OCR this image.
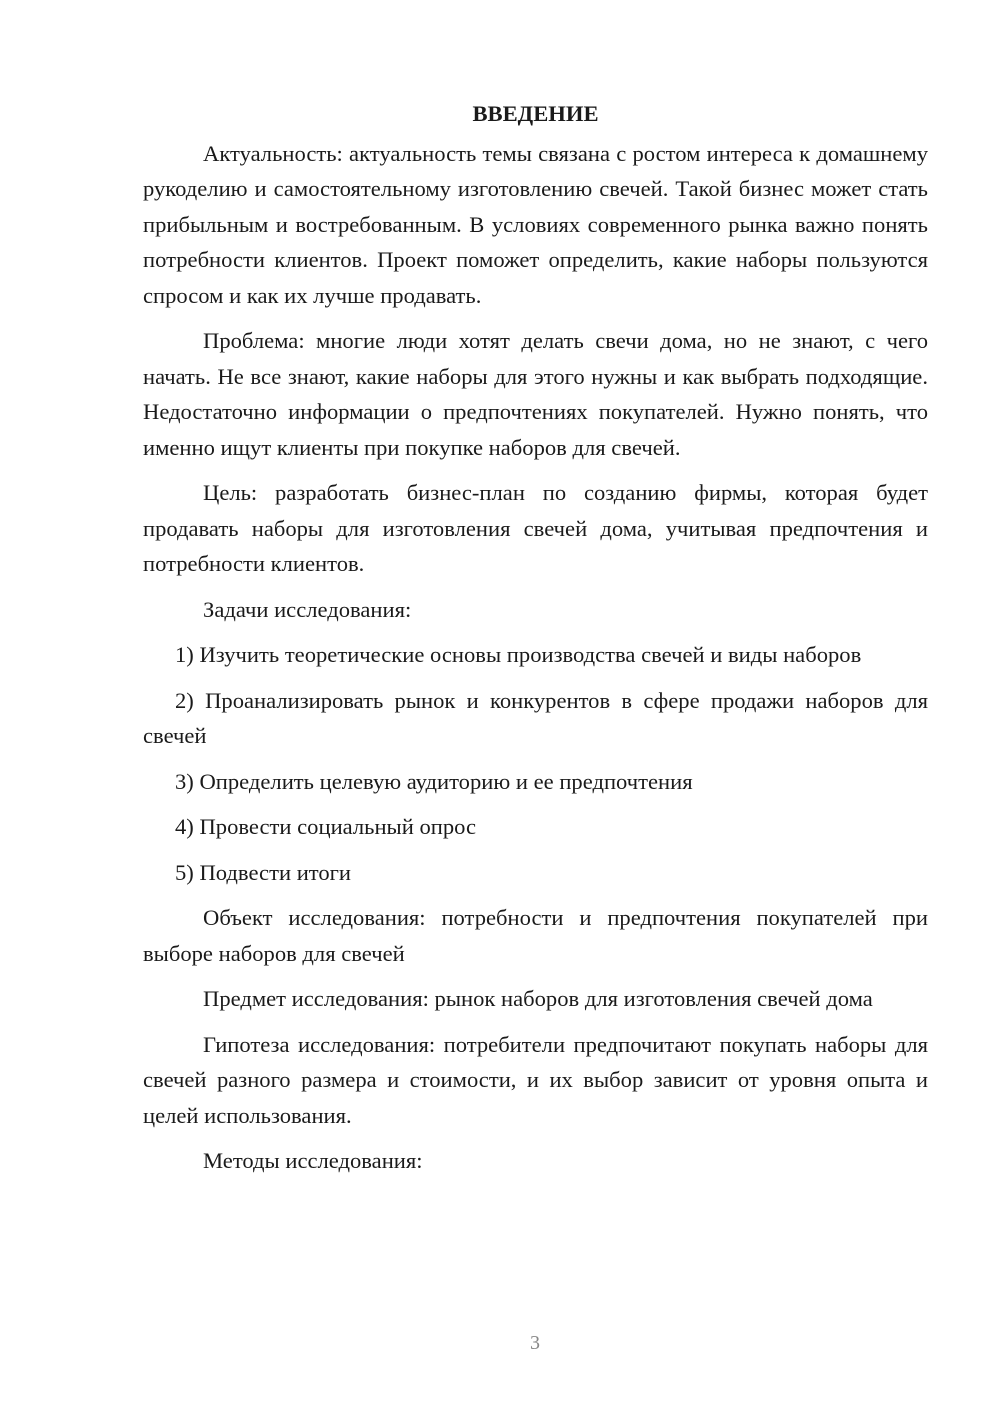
ВВЕДЕНИЕ

Актуальность: актуальность темы связана с ростом интереса к домашнему рукоделию и самостоятельному изготовлению свечей. Такой бизнес может стать прибыльным и востребованным. В условиях современного рынка важно понять потребности клиентов. Проект поможет определить, какие наборы пользуются спросом и как их лучше продавать.

Проблема: многие люди хотят делать свечи дома, но не знают, с чего начать. Не все знают, какие наборы для этого нужны и как выбрать подходящие. Недостаточно информации о предпочтениях покупателей. Нужно понять, что именно ищут клиенты при покупке наборов для свечей.

Цель: разработать бизнес-план по созданию фирмы, которая будет продавать наборы для изготовления свечей дома, учитывая предпочтения и потребности клиентов.

Задачи исследования:

1) Изучить теоретические основы производства свечей и виды наборов

2) Проанализировать рынок и конкурентов в сфере продажи наборов для свечей

3) Определить целевую аудиторию и ее предпочтения

4) Провести социальный опрос

5) Подвести итоги

Объект исследования: потребности и предпочтения покупателей при выборе наборов для свечей

Предмет исследования: рынок наборов для изготовления свечей дома

Гипотеза исследования: потребители предпочитают покупать наборы для свечей разного размера и стоимости, и их выбор зависит от уровня опыта и целей использования.

Методы исследования:

3
